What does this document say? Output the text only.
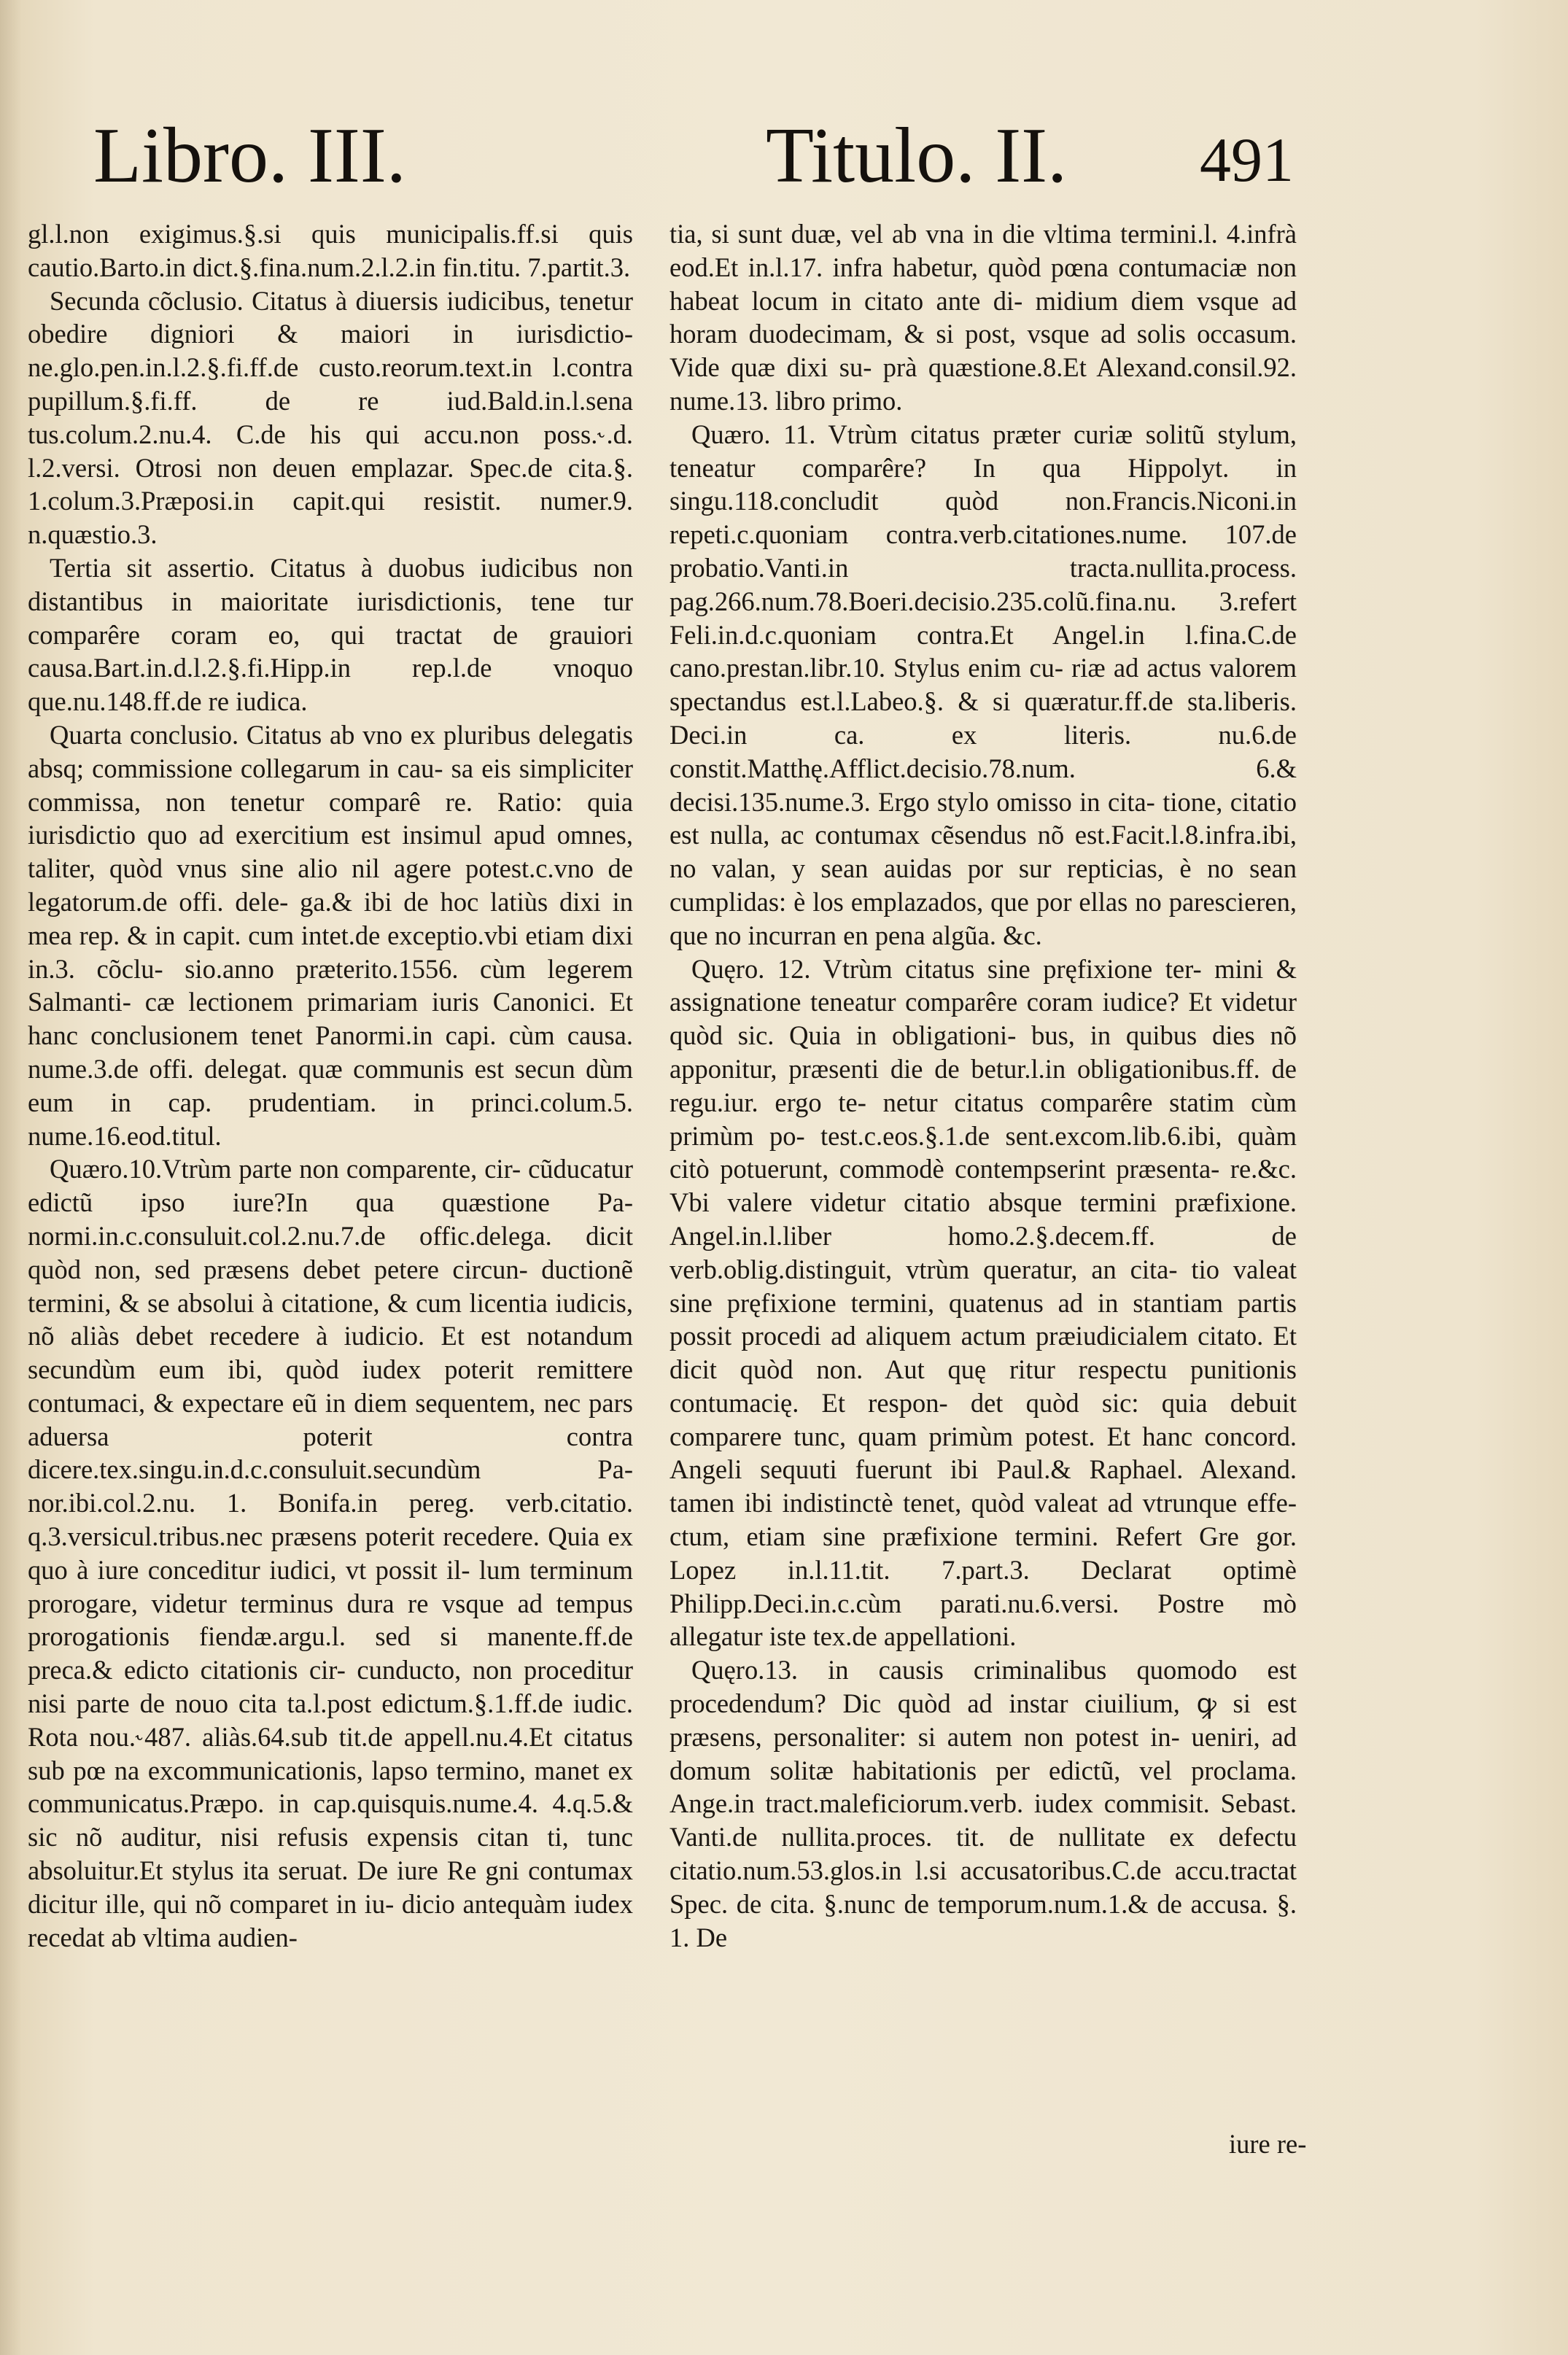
Libro. III.	Titulo. II. 491

gl.l.non exigimus.§.si quis municipalis.ff.si quis cautio.Barto.in dict.§.fina.num.2.l.2.in fin.titu. 7.partit.3.

Secunda cõclusio. Citatus à diuersis iudicibus, tenetur obedire digniori & maiori in iurisdictio- ne.glo.pen.in.l.2.§.fi.ff.de custo.reorum.text.in l.contra pupillum.§.fi.ff. de re iud.Bald.in.l.sena tus.colum.2.nu.4. C.de his qui accu.non poss.˞.d. l.2.versi. Otrosi non deuen emplazar. Spec.de cita.§. 1.colum.3.Præposi.in capit.qui resistit. numer.9. n.quæstio.3.

Tertia sit assertio. Citatus à duobus iudicibus non distantibus in maioritate iurisdictionis, tene tur comparêre coram eo, qui tractat de grauiori causa.Bart.in.d.l.2.§.fi.Hipp.in rep.l.de vnoquo que.nu.148.ff.de re iudica.

Quarta conclusio. Citatus ab vno ex pluribus delegatis absq; commissione collegarum in cau- sa eis simpliciter commissa, non tenetur comparê re. Ratio: quia iurisdictio quo ad exercitium est insimul apud omnes, taliter, quòd vnus sine alio nil agere potest.c.vno de legatorum.de offi. dele- ga.& ibi de hoc latiùs dixi in mea rep. & in capit. cum intet.de exceptio.vbi etiam dixi in.3. cõclu- sio.anno præterito.1556. cùm legerem Salmanti- cæ lectionem primariam iuris Canonici. Et hanc conclusionem tenet Panormi.in capi. cùm causa. nume.3.de offi. delegat. quæ communis est secun dùm eum in cap. prudentiam. in princi.colum.5. nume.16.eod.titul.

Quæro.10.Vtrùm parte non comparente, cir- cũducatur edictũ ipso iure?In qua quæstione Pa- normi.in.c.consuluit.col.2.nu.7.de offic.delega. dicit quòd non, sed præsens debet petere circun- ductionẽ termini, & se absolui à citatione, & cum licentia iudicis, nõ aliàs debet recedere à iudicio. Et est notandum secundùm eum ibi, quòd iudex poterit remittere contumaci, & expectare eũ in diem sequentem, nec pars aduersa poterit contra dicere.tex.singu.in.d.c.consuluit.secundùm Pa- nor.ibi.col.2.nu. 1. Bonifa.in pereg. verb.citatio. q.3.versicul.tribus.nec præsens poterit recedere. Quia ex quo à iure conceditur iudici, vt possit il- lum terminum prorogare, videtur terminus dura re vsque ad tempus prorogationis fiendæ.argu.l. sed si manente.ff.de preca.& edicto citationis cir- cunducto, non proceditur nisi parte de nouo cita ta.l.post edictum.§.1.ff.de iudic. Rota nou.˞487. aliàs.64.sub tit.de appell.nu.4.Et citatus sub pœ na excommunicationis, lapso termino, manet ex communicatus.Præpo. in cap.quisquis.nume.4. 4.q.5.& sic nõ auditur, nisi refusis expensis citan ti, tunc absoluitur.Et stylus ita seruat. De iure Re gni contumax dicitur ille, qui nõ comparet in iu- dicio antequàm iudex recedat ab vltima audien-

tia, si sunt duæ, vel ab vna in die vltima termini.l. 4.infrà eod.Et in.l.17. infra habetur, quòd pœna contumaciæ non habeat locum in citato ante di- midium diem vsque ad horam duodecimam, & si post, vsque ad solis occasum. Vide quæ dixi su- prà quæstione.8.Et Alexand.consil.92. nume.13. libro primo.

Quæro. 11. Vtrùm citatus præter curiæ solitũ stylum, teneatur comparêre? In qua Hippolyt. in singu.118.concludit quòd non.Francis.Niconi.in repeti.c.quoniam contra.verb.citationes.nume. 107.de probatio.Vanti.in tracta.nullita.process. pag.266.num.78.Boeri.decisio.235.colũ.fina.nu. 3.refert Feli.in.d.c.quoniam contra.Et Angel.in l.fina.C.de cano.prestan.libr.10. Stylus enim cu- riæ ad actus valorem spectandus est.l.Labeo.§. & si quæratur.ff.de sta.liberis. Deci.in ca. ex literis. nu.6.de constit.Matthę.Afflict.decisio.78.num. 6.& decisi.135.nume.3. Ergo stylo omisso in cita- tione, citatio est nulla, ac contumax cẽsendus nõ est.Facit.l.8.infra.ibi, no valan, y sean auidas por sur repticias, è no sean cumplidas: è los emplazados, que por ellas no parescieren, que no incurran en pena algũa. &c.

Quęro. 12. Vtrùm citatus sine pręfixione ter- mini & assignatione teneatur comparêre coram iudice? Et videtur quòd sic. Quia in obligationi- bus, in quibus dies nõ apponitur, præsenti die de betur.l.in obligationibus.ff. de regu.iur. ergo te- netur citatus comparêre statim cùm primùm po- test.c.eos.§.1.de sent.excom.lib.6.ibi, quàm citò potuerunt, commodè contempserint præsenta- re.&c. Vbi valere videtur citatio absque termini præfixione. Angel.in.l.liber homo.2.§.decem.ff. de verb.oblig.distinguit, vtrùm queratur, an cita- tio valeat sine pręfixione termini, quatenus ad in stantiam partis possit procedi ad aliquem actum præiudicialem citato. Et dicit quòd non. Aut quę ritur respectu punitionis contumacię. Et respon- det quòd sic: quia debuit comparere tunc, quam primùm potest. Et hanc concord. Angeli sequuti fuerunt ibi Paul.& Raphael. Alexand. tamen ibi indistinctè tenet, quòd valeat ad vtrunque effe- ctum, etiam sine præfixione termini. Refert Gre gor. Lopez in.l.11.tit. 7.part.3. Declarat optimè Philipp.Deci.in.c.cùm parati.nu.6.versi. Postre mò allegatur iste tex.de appellationi.

Quęro.13. in causis criminalibus quomodo est procedendum? Dic quòd ad instar ciuilium, ꝙ si est præsens, personaliter: si autem non potest in- ueniri, ad domum solitæ habitationis per edictũ, vel proclama. Ange.in tract.maleficiorum.verb. iudex commisit. Sebast. Vanti.de nullita.proces. tit. de nullitate ex defectu citatio.num.53.glos.in l.si accusatoribus.C.de accu.tractat Spec. de cita. §.nunc de temporum.num.1.& de accusa. §. 1. De

iure re-
